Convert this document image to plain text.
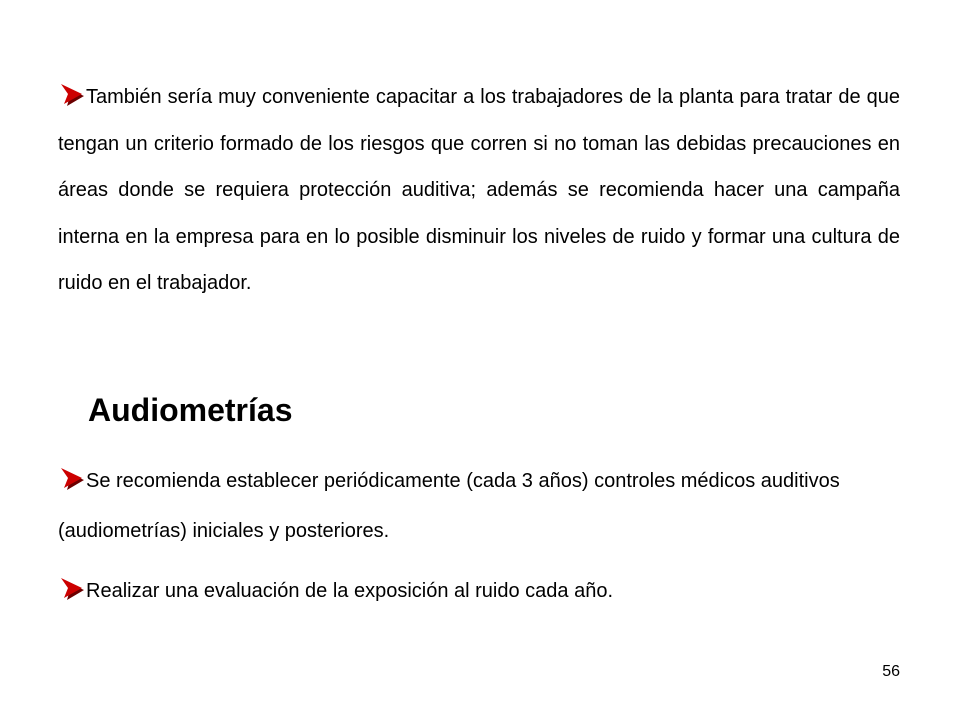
También sería muy conveniente capacitar a los trabajadores de la planta para tratar de que tengan un criterio formado de los riesgos que corren si no toman las debidas precauciones en áreas donde se requiera protección auditiva; además se recomienda hacer una campaña interna en la empresa para en lo posible disminuir los niveles de ruido y formar una cultura de ruido en el trabajador.
Audiometrías
Se recomienda establecer periódicamente (cada 3 años) controles médicos auditivos (audiometrías) iniciales y posteriores.
Realizar una evaluación de la exposición al ruido cada año.
56
